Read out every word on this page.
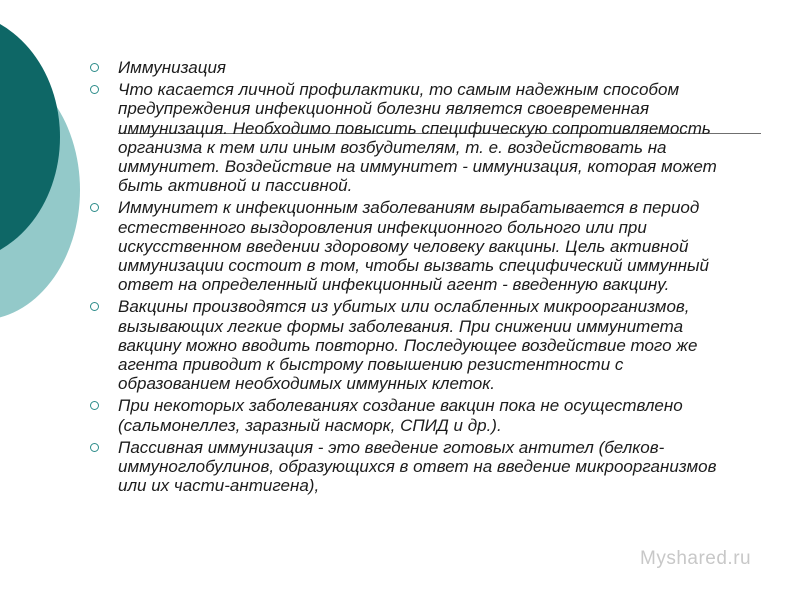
Иммунизация
Что касается личной профилактики, то самым надежным способом предупреждения инфекционной болезни является своевременная иммунизация. Необходимо повысить специфическую сопротивляемость организма к тем или иным возбудителям, т. е. воздействовать на иммунитет. Воздействие на иммунитет - иммунизация, которая может быть активной и пассивной.
Иммунитет к инфекционным заболеваниям вырабатывается в период естественного выздоровления инфекционного больного или при искусственном введении здоровому человеку вакцины. Цель активной иммунизации состоит в том, чтобы вызвать специфический иммунный ответ на определенный инфекционный агент - введенную вакцину.
Вакцины производятся из убитых или ослабленных микроорганизмов, вызывающих легкие формы заболевания. При снижении иммунитета вакцину можно вводить повторно. Последующее воздействие того же агента приводит к быстрому повышению резистентности с образованием необходимых иммунных клеток.
При некоторых заболеваниях создание вакцин пока не осуществлено (сальмонеллез, заразный насморк, СПИД и др.).
Пассивная иммунизация - это введение готовых антител (белков-иммуноглобулинов, образующихся в ответ на введение микроорганизмов или их части-антигена),
Myshared.ru
